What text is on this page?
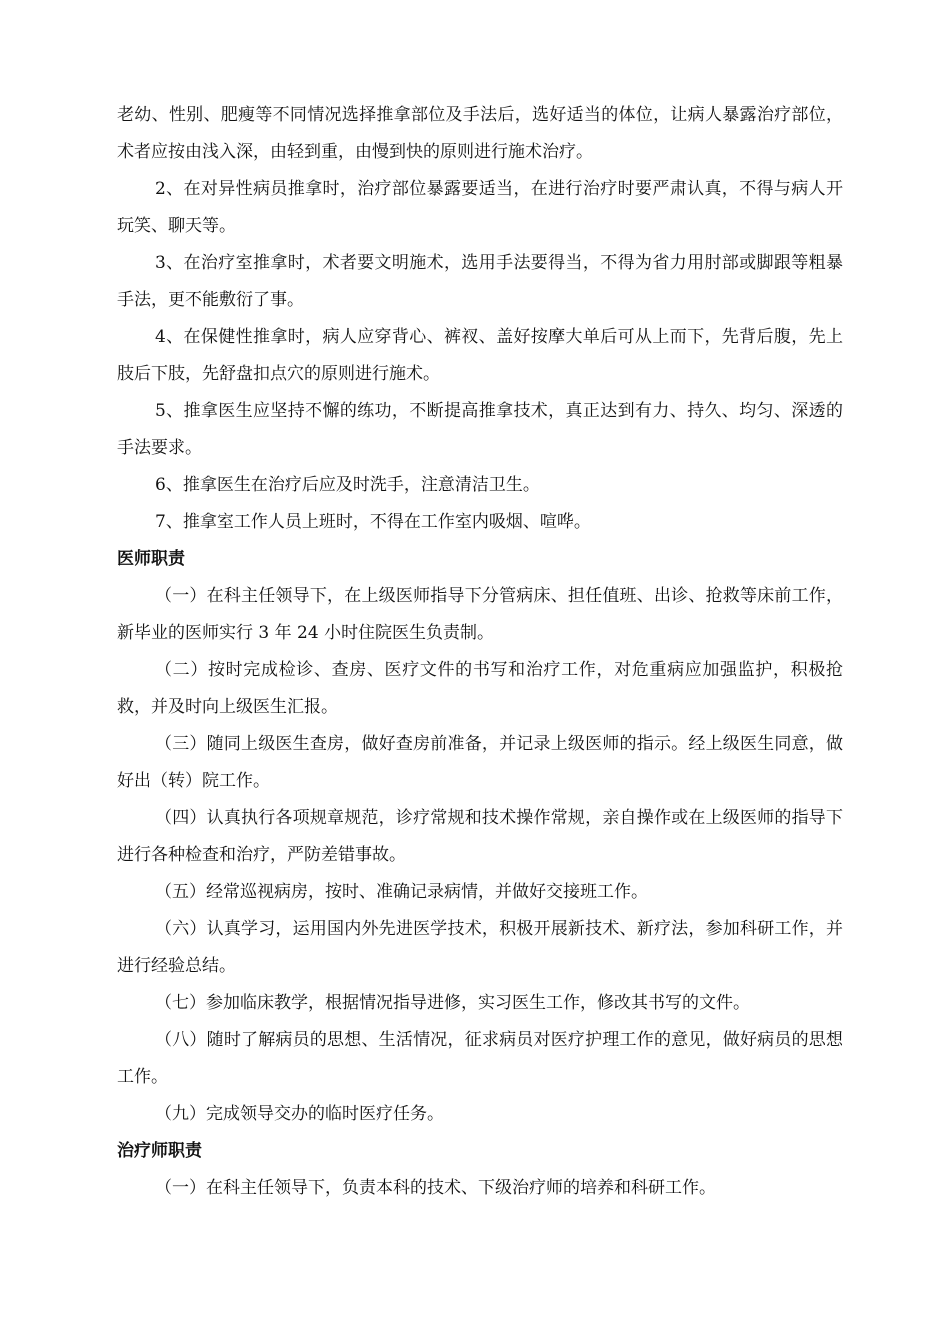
老幼、性别、肥瘦等不同情况选择推拿部位及手法后，选好适当的体位，让病人暴露治疗部位，术者应按由浅入深，由轻到重，由慢到快的原则进行施术治疗。

2、在对异性病员推拿时，治疗部位暴露要适当，在进行治疗时要严肃认真，不得与病人开玩笑、聊天等。

3、在治疗室推拿时，术者要文明施术，选用手法要得当，不得为省力用肘部或脚跟等粗暴手法，更不能敷衍了事。

4、在保健性推拿时，病人应穿背心、裤衩、盖好按摩大单后可从上而下，先背后腹，先上肢后下肢，先舒盘扣点穴的原则进行施术。

5、推拿医生应坚持不懈的练功，不断提高推拿技术，真正达到有力、持久、均匀、深透的手法要求。

6、推拿医生在治疗后应及时洗手，注意清洁卫生。

7、推拿室工作人员上班时，不得在工作室内吸烟、喧哗。

医师职责

（一）在科主任领导下，在上级医师指导下分管病床、担任值班、出诊、抢救等床前工作，新毕业的医师实行 3 年 24 小时住院医生负责制。

（二）按时完成检诊、查房、医疗文件的书写和治疗工作，对危重病应加强监护，积极抢救，并及时向上级医生汇报。

（三）随同上级医生查房，做好查房前准备，并记录上级医师的指示。经上级医生同意，做好出（转）院工作。

（四）认真执行各项规章规范，诊疗常规和技术操作常规，亲自操作或在上级医师的指导下进行各种检查和治疗，严防差错事故。

（五）经常巡视病房，按时、准确记录病情，并做好交接班工作。

（六）认真学习，运用国内外先进医学技术，积极开展新技术、新疗法，参加科研工作，并进行经验总结。

（七）参加临床教学，根据情况指导进修，实习医生工作，修改其书写的文件。

（八）随时了解病员的思想、生活情况，征求病员对医疗护理工作的意见，做好病员的思想工作。

（九）完成领导交办的临时医疗任务。

治疗师职责

（一）在科主任领导下，负责本科的技术、下级治疗师的培养和科研工作。
